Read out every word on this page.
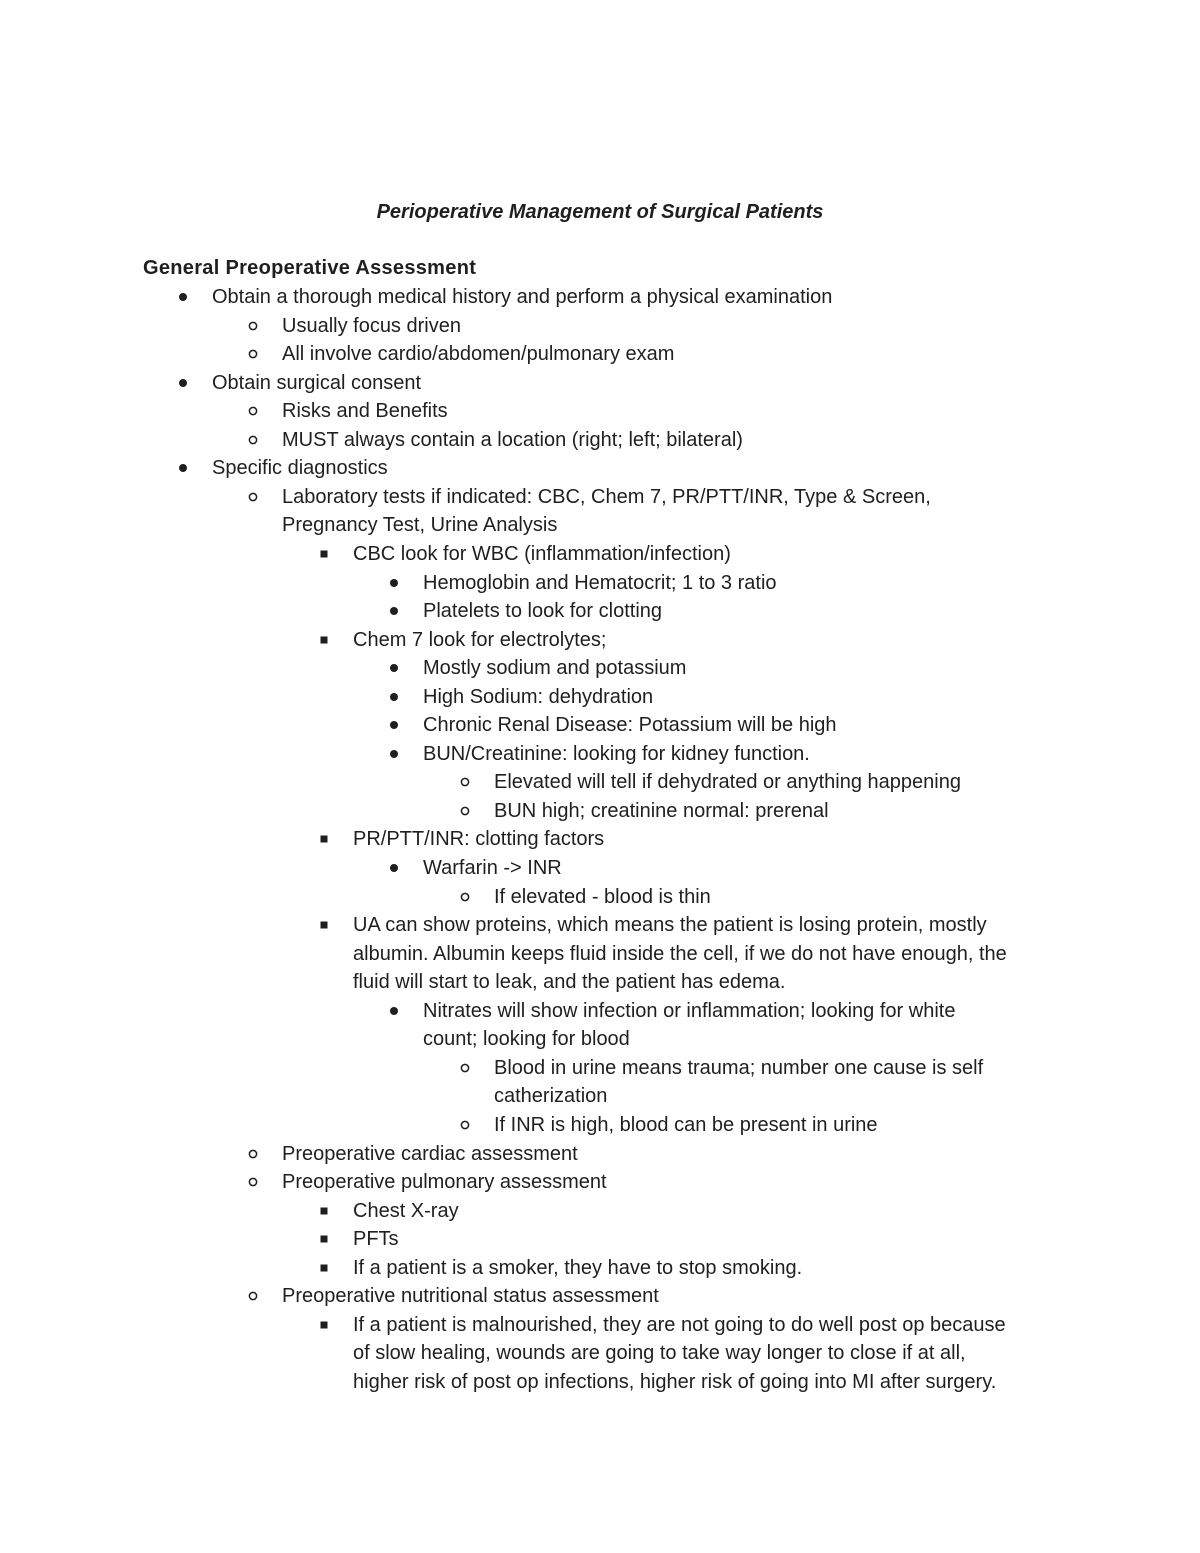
Perioperative Management of Surgical Patients
General Preoperative Assessment
Obtain a thorough medical history and perform a physical examination
Usually focus driven
All involve cardio/abdomen/pulmonary exam
Obtain surgical consent
Risks and Benefits
MUST always contain a location (right; left; bilateral)
Specific diagnostics
Laboratory tests if indicated: CBC, Chem 7, PR/PTT/INR, Type & Screen,
Pregnancy Test, Urine Analysis
CBC look for WBC (inflammation/infection)
Hemoglobin and Hematocrit; 1 to 3 ratio
Platelets to look for clotting
Chem 7 look for electrolytes;
Mostly sodium and potassium
High Sodium: dehydration
Chronic Renal Disease: Potassium will be high
BUN/Creatinine: looking for kidney function.
Elevated will tell if dehydrated or anything happening
BUN high; creatinine normal: prerenal
PR/PTT/INR: clotting factors
Warfarin -> INR
If elevated - blood is thin
UA can show proteins, which means the patient is losing protein, mostly
albumin. Albumin keeps fluid inside the cell, if we do not have enough, the
fluid will start to leak, and the patient has edema.
Nitrates will show infection or inflammation; looking for white
count; looking for blood
Blood in urine means trauma; number one cause is self
catherization
If INR is high, blood can be present in urine
Preoperative cardiac assessment
Preoperative pulmonary assessment
Chest X-ray
PFTs
If a patient is a smoker, they have to stop smoking.
Preoperative nutritional status assessment
If a patient is malnourished, they are not going to do well post op because
of slow healing, wounds are going to take way longer to close if at all,
higher risk of post op infections, higher risk of going into MI after surgery.
